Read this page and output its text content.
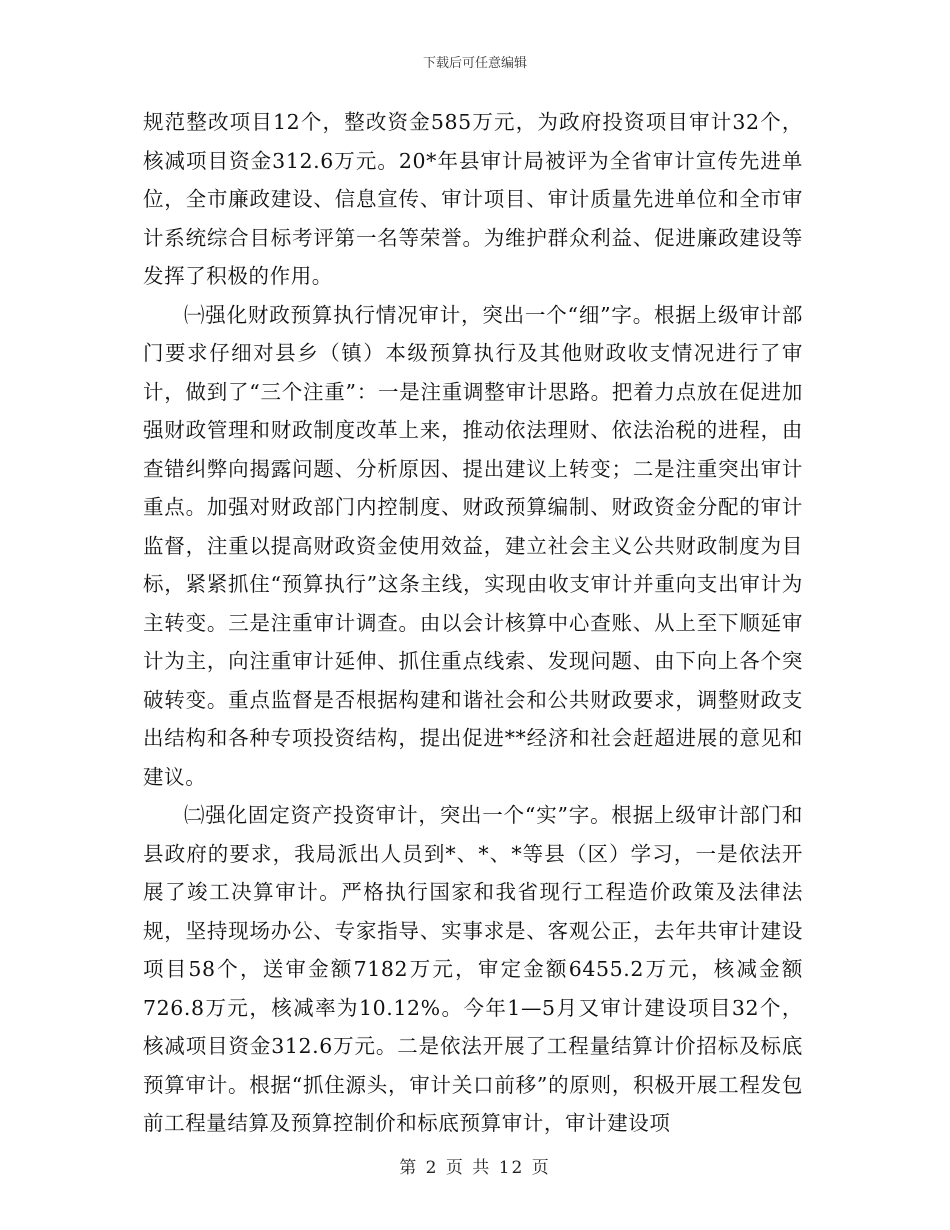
下载后可任意编辑

规范整改项目12个，整改资金585万元，为政府投资项目审计32个，核减项目资金312.6万元。20*年县审计局被评为全省审计宣传先进单位，全市廉政建设、信息宣传、审计项目、审计质量先进单位和全市审计系统综合目标考评第一名等荣誉。为维护群众利益、促进廉政建设等发挥了积极的作用。

㈠强化财政预算执行情况审计，突出一个“细”字。根据上级审计部门要求仔细对县乡（镇）本级预算执行及其他财政收支情况进行了审计，做到了“三个注重”：一是注重调整审计思路。把着力点放在促进加强财政管理和财政制度改革上来，推动依法理财、依法治税的进程，由查错纠弊向揭露问题、分析原因、提出建议上转变；二是注重突出审计重点。加强对财政部门内控制度、财政预算编制、财政资金分配的审计监督，注重以提高财政资金使用效益，建立社会主义公共财政制度为目标，紧紧抓住“预算执行”这条主线，实现由收支审计并重向支出审计为主转变。三是注重审计调查。由以会计核算中心查账、从上至下顺延审计为主，向注重审计延伸、抓住重点线索、发现问题、由下向上各个突破转变。重点监督是否根据构建和谐社会和公共财政要求，调整财政支出结构和各种专项投资结构，提出促进**经济和社会赶超进展的意见和建议。

㈡强化固定资产投资审计，突出一个“实”字。根据上级审计部门和县政府的要求，我局派出人员到*、*、*等县（区）学习，一是依法开展了竣工决算审计。严格执行国家和我省现行工程造价政策及法律法规，坚持现场办公、专家指导、实事求是、客观公正，去年共审计建设项目58个，送审金额7182万元，审定金额6455.2万元，核减金额726.8万元，核减率为10.12%。今年1—5月又审计建设项目32个，核减项目资金312.6万元。二是依法开展了工程量结算计价招标及标底预算审计。根据“抓住源头，审计关口前移”的原则，积极开展工程发包前工程量结算及预算控制价和标底预算审计，审计建设项

第 2 页 共 12 页
